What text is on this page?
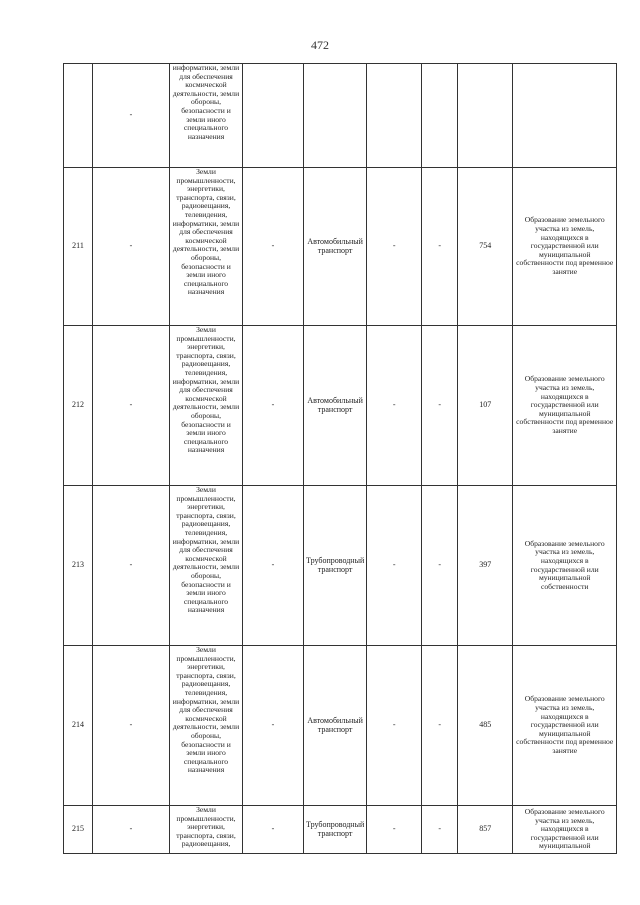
472
	-	информатики, земли для обеспечения космической деятельности, земли обороны, безопасности и земли иного специального назначения						
211	-	Земли промышленности, энергетики, транспорта, связи, радиовещания, телевидения, информатики, земли для обеспечения космической деятельности, земли обороны, безопасности и земли иного специального назначения	-	Автомобильный транспорт	-	-	754	Образование земельного участка из земель, находящихся в государственной или муниципальной собственности под временное занятие
212	-	Земли промышленности, энергетики, транспорта, связи, радиовещания, телевидения, информатики, земли для обеспечения космической деятельности, земли обороны, безопасности и земли иного специального назначения	-	Автомобильный транспорт	-	-	107	Образование земельного участка из земель, находящихся в государственной или муниципальной собственности под временное занятие
213	-	Земли промышленности, энергетики, транспорта, связи, радиовещания, телевидения, информатики, земли для обеспечения космической деятельности, земли обороны, безопасности и земли иного специального назначения	-	Трубопроводный транспорт	-	-	397	Образование земельного участка из земель, находящихся в государственной или муниципальной собственности
214	-	Земли промышленности, энергетики, транспорта, связи, радиовещания, телевидения, информатики, земли для обеспечения космической деятельности, земли обороны, безопасности и земли иного специального назначения	-	Автомобильный транспорт	-	-	485	Образование земельного участка из земель, находящихся в государственной или муниципальной собственности под временное занятие
215	-	Земли промышленности, энергетики, транспорта, связи, радиовещания,	-	Трубопроводный транспорт	-	-	857	Образование земельного участка из земель, находящихся в государственной или муниципальной
